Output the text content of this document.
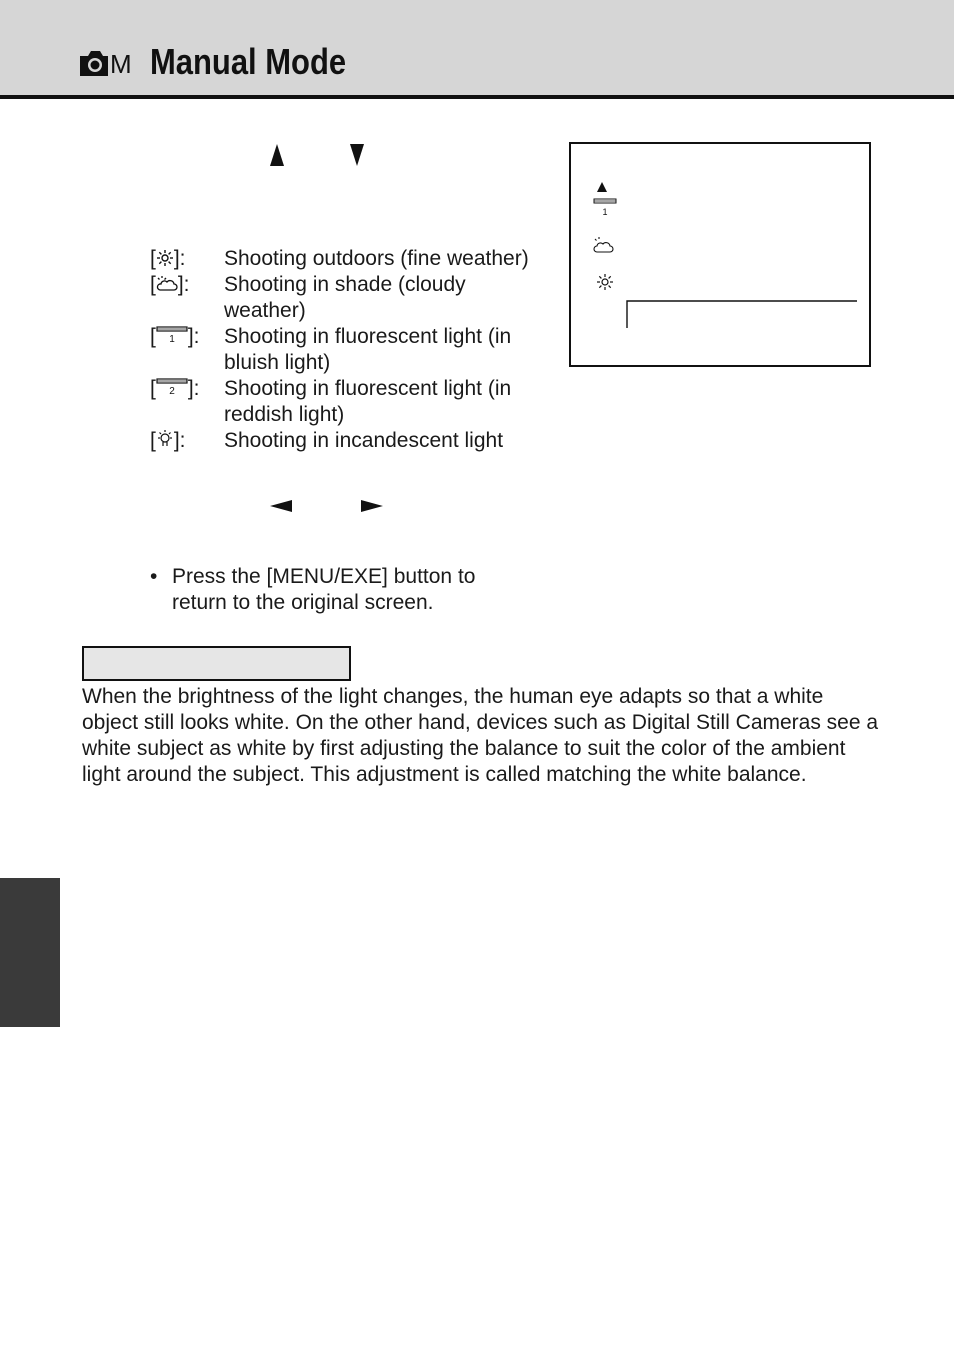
M Manual Mode
[ ]: Shooting outdoors (fine weather)
[ ]: Shooting in shade (cloudy weather)
[ 1 ]: Shooting in fluorescent light (in bluish light)
[ 2 ]: Shooting in fluorescent light (in reddish light)
[ ]: Shooting in incandescent light
• Press the [MENU/EXE] button to return to the original screen.
1
When the brightness of the light changes, the human eye adapts so that a white object still looks white. On the other hand, devices such as Digital Still Cameras see a white subject as white by first adjusting the balance to suit the color of the ambient light around the subject. This adjustment is called matching the white balance.
